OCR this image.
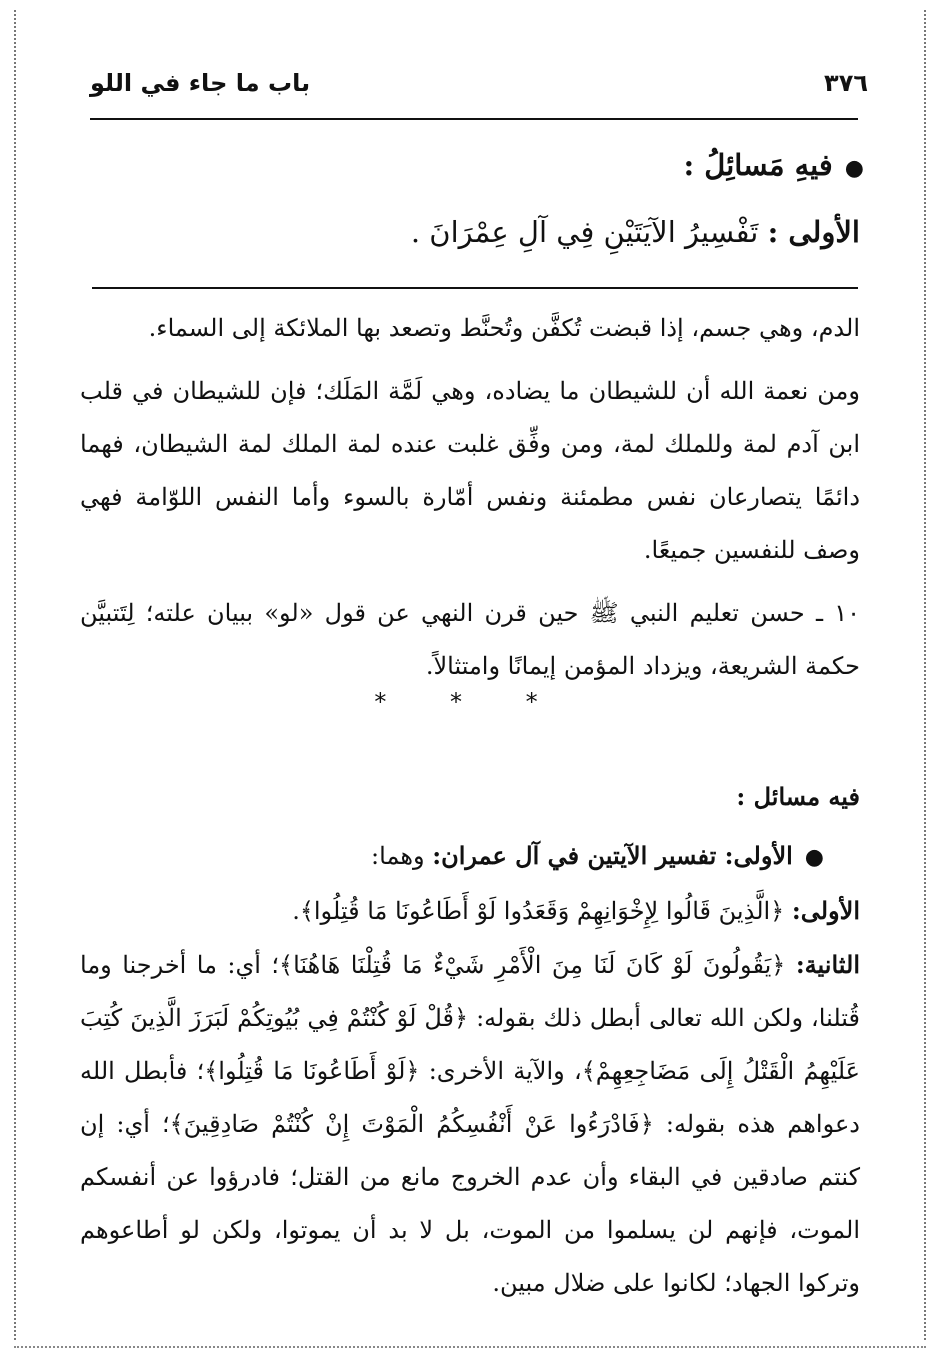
٣٧٦
باب ما جاء في اللو

●فيهِ مَسائِلُ :

الأولى : تَفْسِيرُ الآيَتَيْنِ فِي آلِ عِمْرَانَ .

الدم، وهي جسم، إذا قبضت تُكفَّن وتُحنَّط وتصعد بها الملائكة إلى السماء.

ومن نعمة الله أن للشيطان ما يضاده، وهي لَمَّة المَلَك؛ فإن للشيطان في قلب ابن آدم لمة وللملك لمة، ومن وفِّق غلبت عنده لمة الملك لمة الشيطان، فهما دائمًا يتصارعان نفس مطمئنة ونفس أمّارة بالسوء وأما النفس اللوّامة فهي وصف للنفسين جميعًا.

١٠ ـ حسن تعليم النبي ﷺ حين قرن النهي عن قول «لو» ببيان علته؛ لِتَتبيَّن حكمة الشريعة، ويزداد المؤمن إيمانًا وامتثالاً.

* * *

فيه مسائل :

●الأولى: تفسير الآيتين في آل عمران: وهما:

الأولى: ﴿الَّذِينَ قَالُوا لِإِخْوَانِهِمْ وَقَعَدُوا لَوْ أَطَاعُونَا مَا قُتِلُوا﴾.

الثانية: ﴿يَقُولُونَ لَوْ كَانَ لَنَا مِنَ الْأَمْرِ شَيْءٌ مَا قُتِلْنَا هَاهُنَا﴾؛ أي: ما أخرجنا وما قُتلنا، ولكن الله تعالى أبطل ذلك بقوله: ﴿قُلْ لَوْ كُنْتُمْ فِي بُيُوتِكُمْ لَبَرَزَ الَّذِينَ كُتِبَ عَلَيْهِمُ الْقَتْلُ إِلَى مَضَاجِعِهِمْ﴾، والآية الأخرى: ﴿لَوْ أَطَاعُونَا مَا قُتِلُوا﴾؛ فأبطل الله دعواهم هذه بقوله: ﴿فَادْرَءُوا عَنْ أَنْفُسِكُمُ الْمَوْتَ إِنْ كُنْتُمْ صَادِقِينَ﴾؛ أي: إن كنتم صادقين في البقاء وأن عدم الخروج مانع من القتل؛ فادرؤوا عن أنفسكم الموت، فإنهم لن يسلموا من الموت، بل لا بد أن يموتوا، ولكن لو أطاعوهم وتركوا الجهاد؛ لكانوا على ضلال مبين.
